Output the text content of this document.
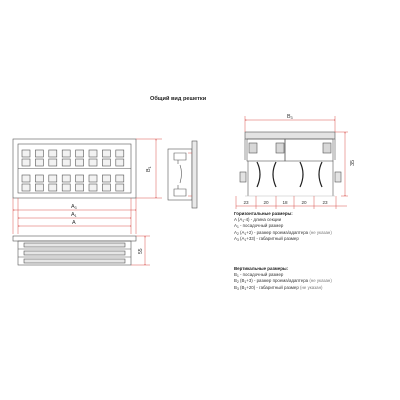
Общий вид решетки
A3
A1
A
B1
55
B3
35
23	20	18	20	23
Горизонтальные размеры:
A $(A_1-4)$ - длина секции
$A_1$ - посадочный размер
$A_2$ $(A_1+2)$ - размер проема/адаптера (не указан)
$A_3$ $(A_1+33)$ - габаритный размер
Вертикальные размеры:
$B_1$ - посадочный размер
$B_2$ $(B_1+3)$ - размер проема/адаптера (не указан)
$B_3$ $(B_1+20)$ - габаритный размер (не указан)
